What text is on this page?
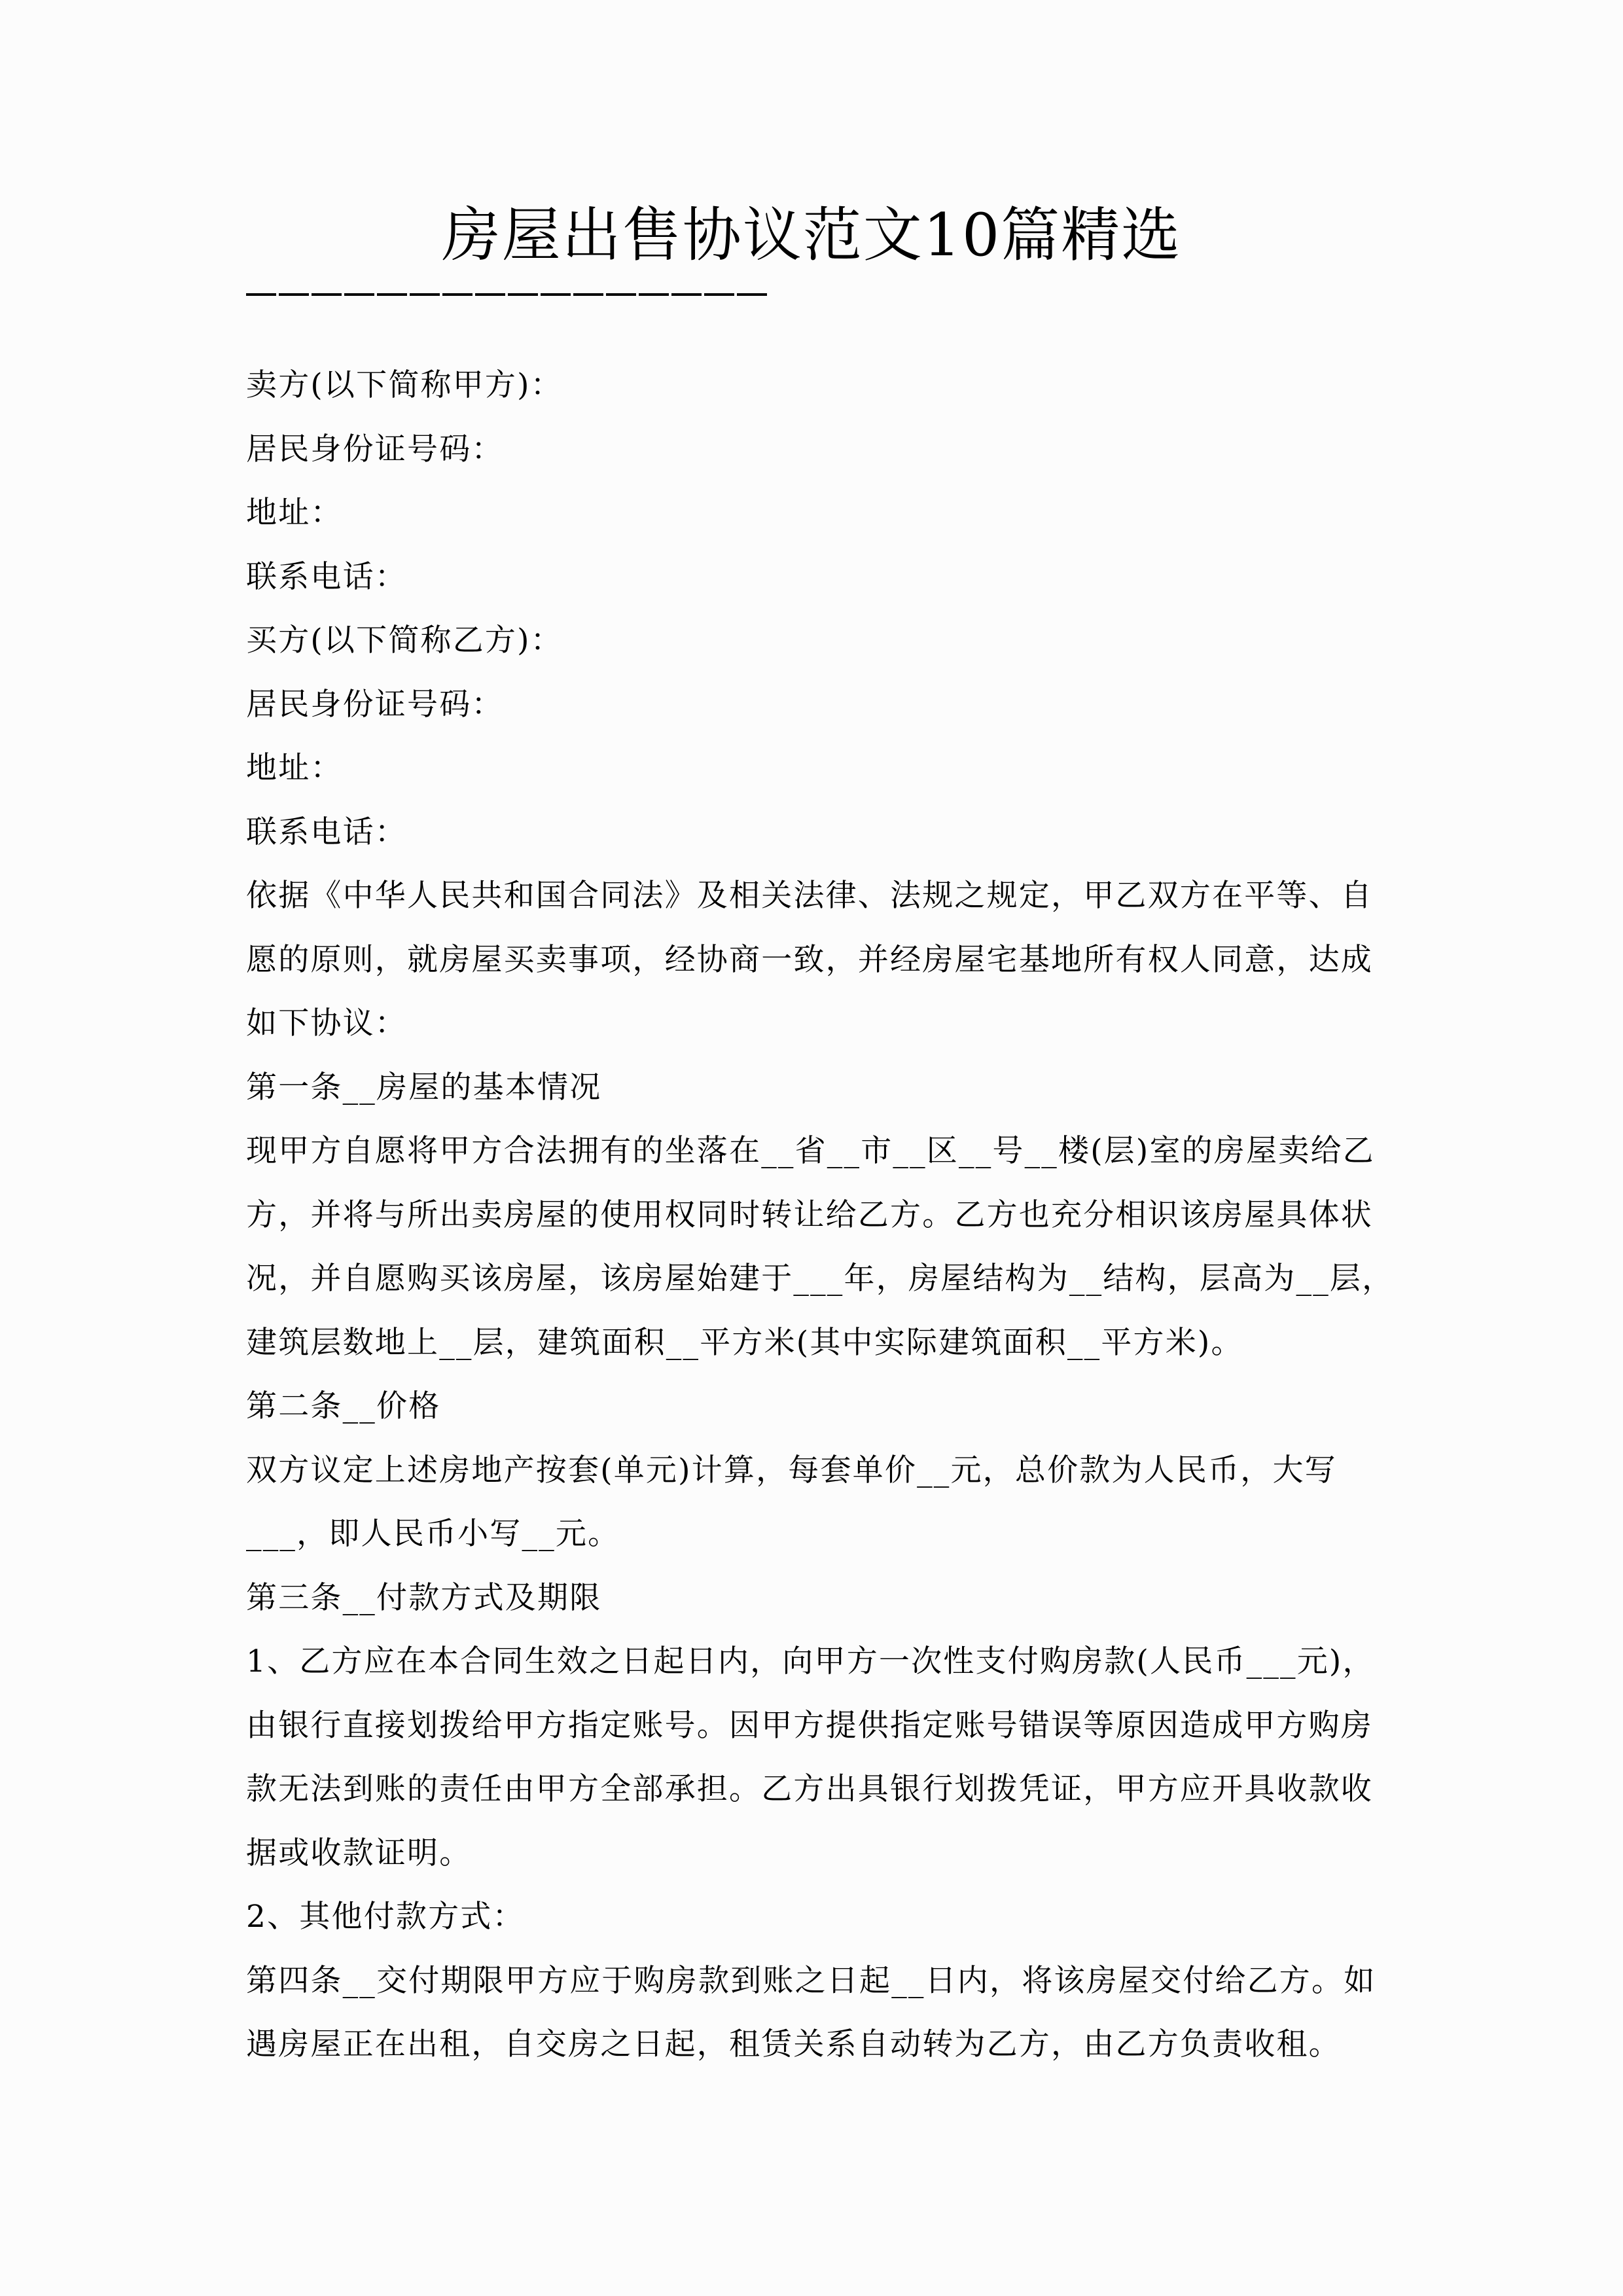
房屋出售协议范文10篇精选
卖方(以下简称甲方)：
居民身份证号码：
地址：
联系电话：
买方(以下简称乙方)：
居民身份证号码：
地址：
联系电话：
依据《中华人民共和国合同法》及相关法律、法规之规定，甲乙双方在平等、自
愿的原则，就房屋买卖事项，经协商一致，并经房屋宅基地所有权人同意，达成
如下协议：
第一条__房屋的基本情况
现甲方自愿将甲方合法拥有的坐落在__省__市__区__号__楼(层)室的房屋卖给乙
方，并将与所出卖房屋的使用权同时转让给乙方。乙方也充分相识该房屋具体状
况，并自愿购买该房屋，该房屋始建于___年，房屋结构为__结构，层高为__层，
建筑层数地上__层，建筑面积__平方米(其中实际建筑面积__平方米)。
第二条__价格
双方议定上述房地产按套(单元)计算，每套单价__元，总价款为人民币，大写
___，即人民币小写__元。
第三条__付款方式及期限
1、乙方应在本合同生效之日起日内，向甲方一次性支付购房款(人民币___元)，
由银行直接划拨给甲方指定账号。因甲方提供指定账号错误等原因造成甲方购房
款无法到账的责任由甲方全部承担。乙方出具银行划拨凭证，甲方应开具收款收
据或收款证明。
2、其他付款方式：
第四条__交付期限甲方应于购房款到账之日起__日内，将该房屋交付给乙方。如
遇房屋正在出租，自交房之日起，租赁关系自动转为乙方，由乙方负责收租。
